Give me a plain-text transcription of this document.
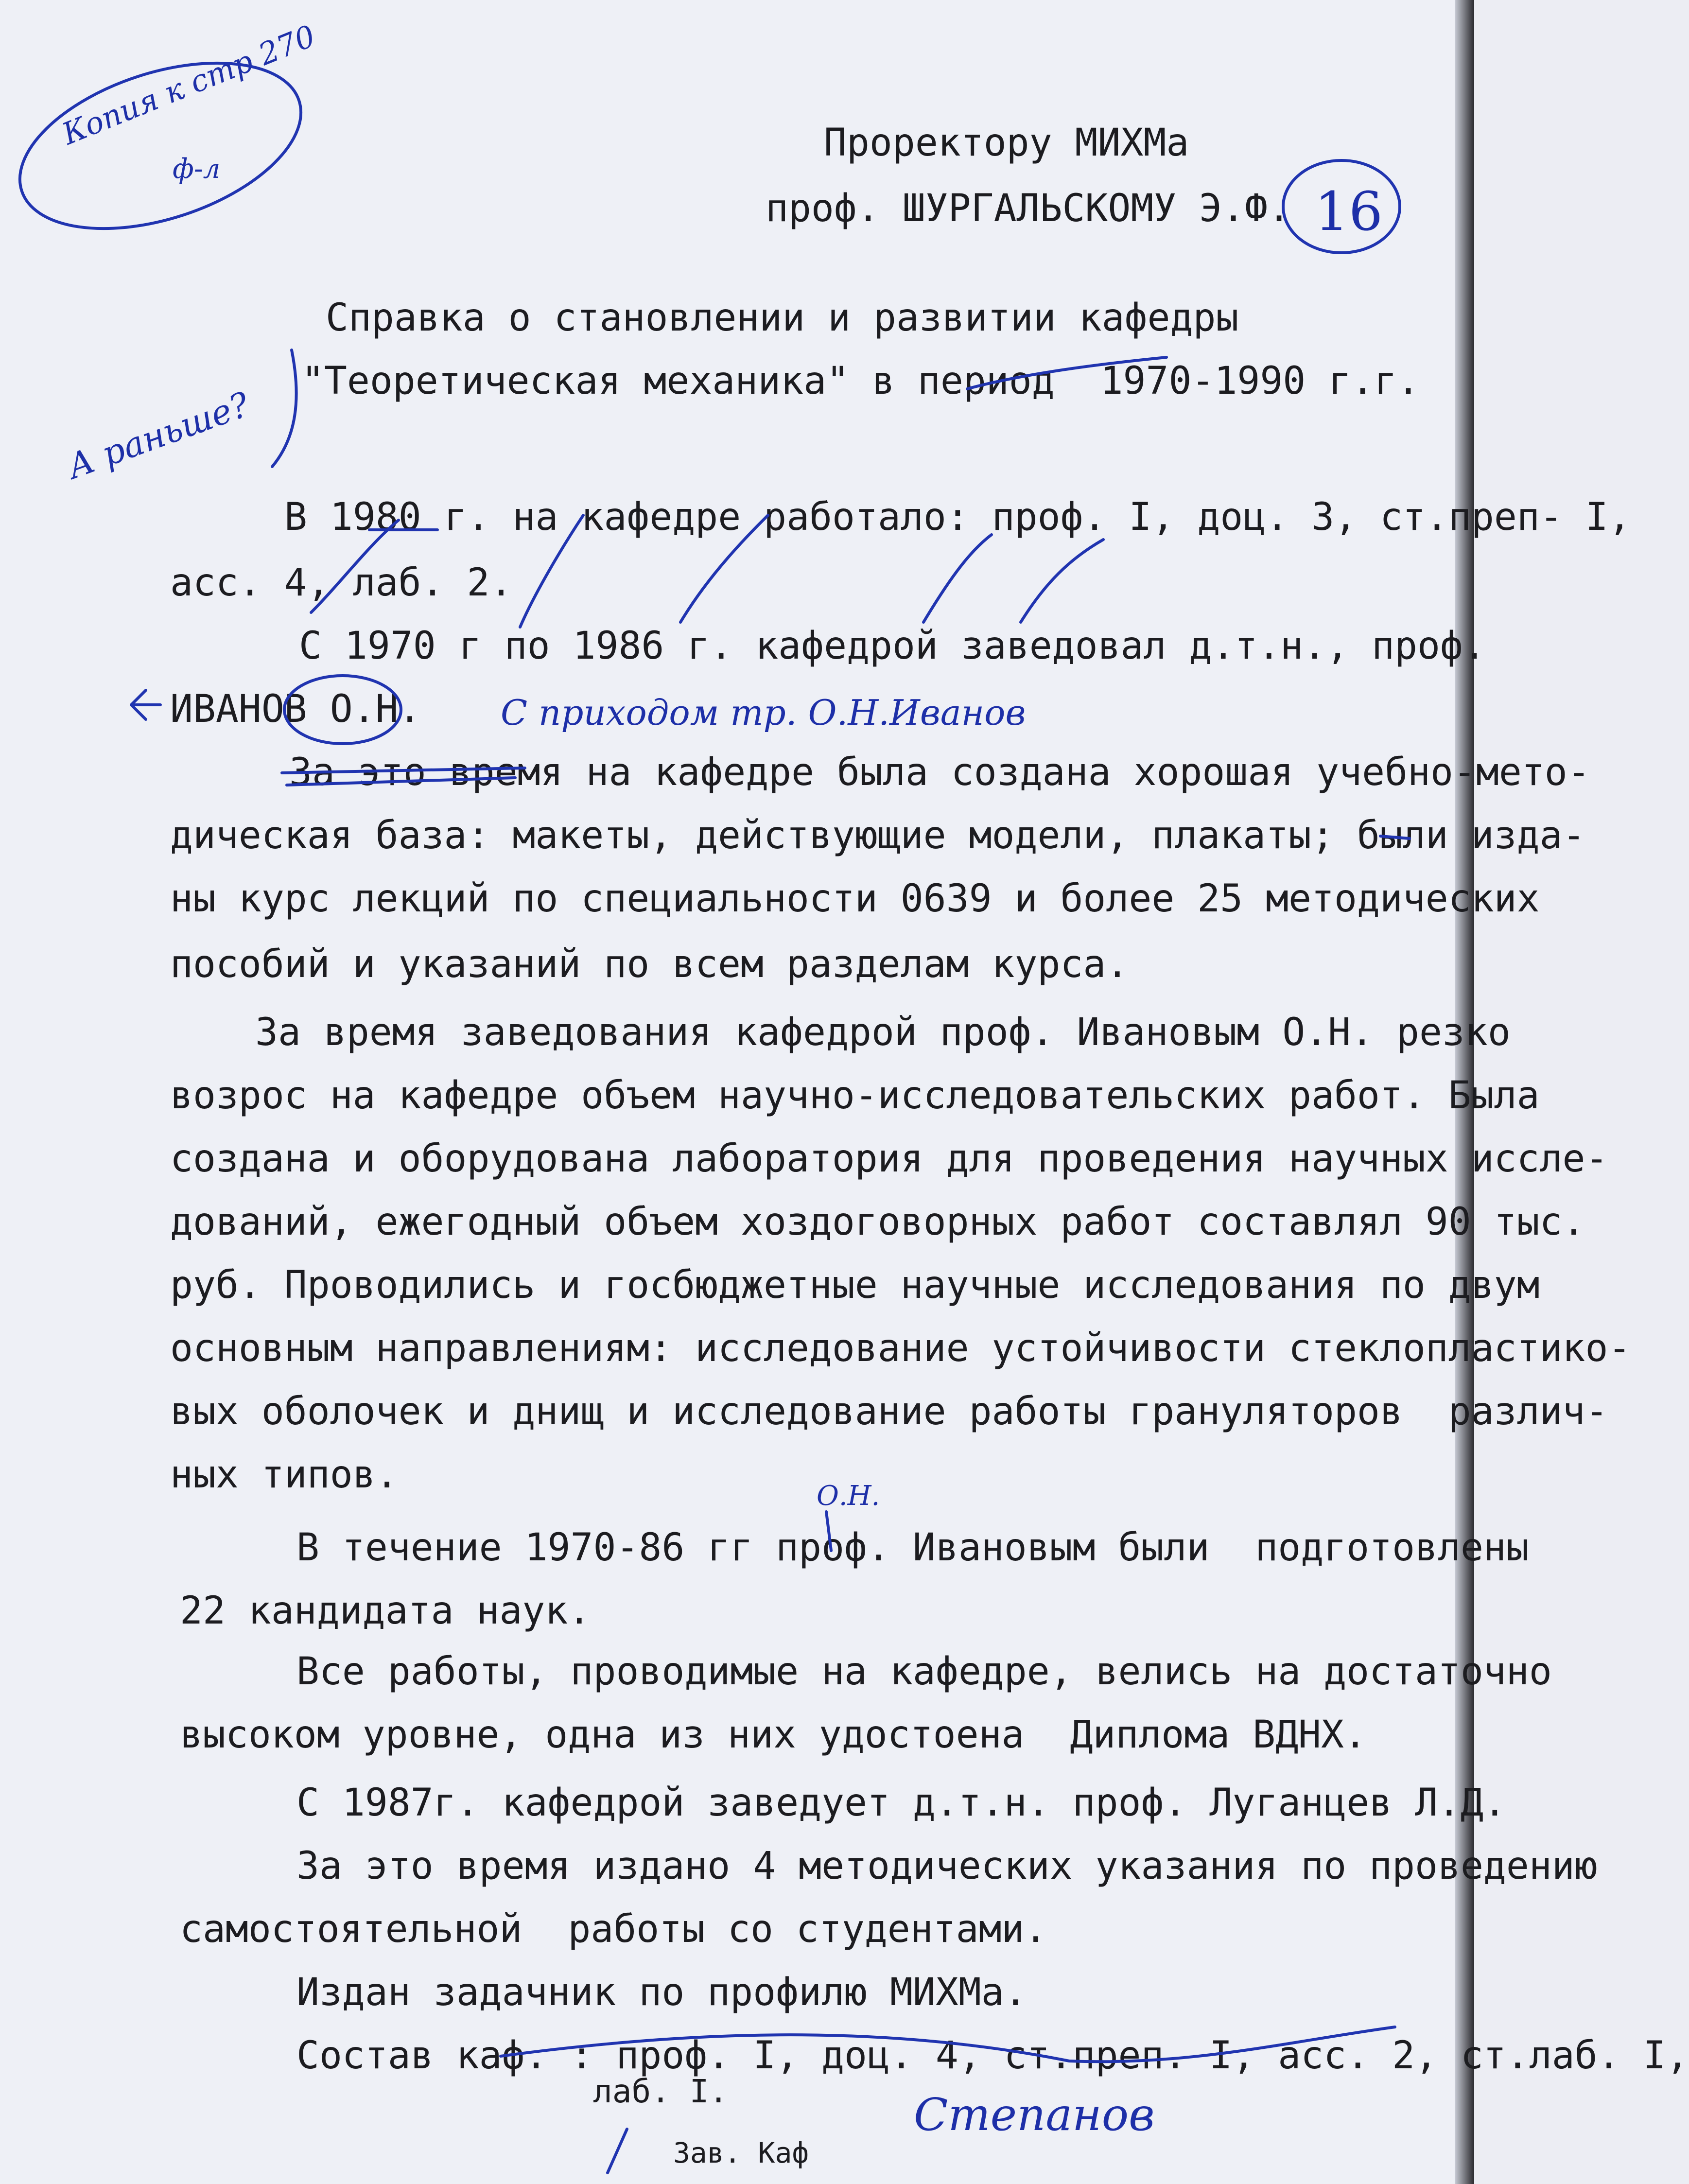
Проректору МИХМа
проф. ШУРГАЛЬСКОМУ Э.Ф.
Справка о становлении и развитии кафедры
"Теоретическая механика" в период  1970-1990 г.г.
В 1980 г. на кафедре работало: проф. I, доц. 3, ст.преп- I,
асс. 4, лаб. 2.
С 1970 г по 1986 г. кафедрой заведовал д.т.н., проф.
ИВАНОВ О.Н.
За это время на кафедре была создана хорошая учебно-мето-
дическая база: макеты, действующие модели, плакаты; были изда-
ны курс лекций по специальности 0639 и более 25 методических
пособий и указаний по всем разделам курса.
За время заведования кафедрой проф. Ивановым О.Н. резко
возрос на кафедре объем научно-исследовательских работ. Была
создана и оборудована лаборатория для проведения научных иссле-
дований, ежегодный объем хоздоговорных работ составлял 90 тыс.
руб. Проводились и госбюджетные научные исследования по двум
основным направлениям: исследование устойчивости стеклопластико-
вых оболочек и днищ и исследование работы грануляторов  различ-
ных типов.
В течение 1970-86 гг проф. Ивановым были  подготовлены
22 кандидата наук.
Все работы, проводимые на кафедре, велись на достаточно
высоком уровне, одна из них удостоена  Диплома ВДНХ.
С 1987г. кафедрой заведует д.т.н. проф. Луганцев Л.Д.
За это время издано 4 методических указания по проведению
самостоятельной  работы со студентами.
Издан задачник по профилю МИХМа.
Состав каф. : проф. I, доц. 4, ст.преп. I, асс. 2, ст.лаб. I,
лаб. I.
Зав. Каф
Копия к стр 270
ф-л
16
А раньше?
С приходом тр. О.Н.Иванов
О.Н.
Степанов
